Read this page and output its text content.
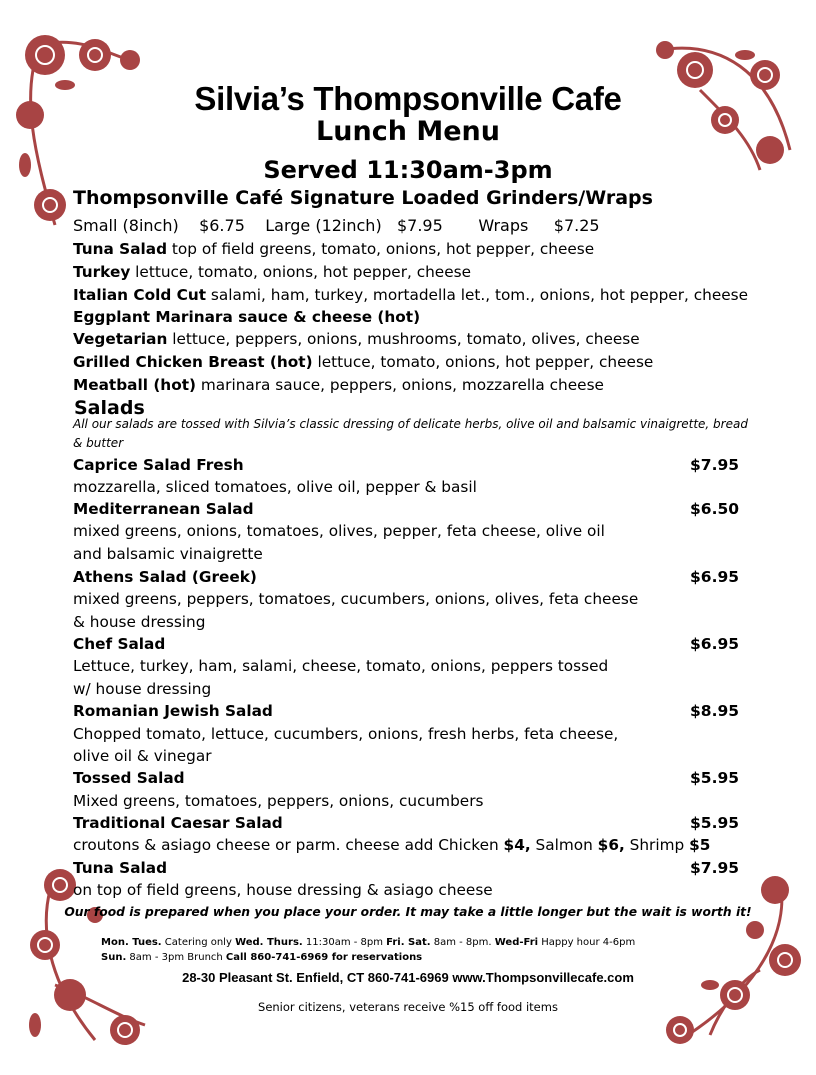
Silvia’s Thompsonville Cafe
Lunch Menu
Served 11:30am-3pm
Thompsonville Café Signature Loaded Grinders/Wraps
Small (8inch) $6.75 Large (12inch) $7.95 Wraps $7.25
Tuna Salad top of field greens, tomato, onions, hot pepper, cheese
Turkey lettuce, tomato, onions, hot pepper, cheese
Italian Cold Cut salami, ham, turkey, mortadella let., tom., onions, hot pepper, cheese
Eggplant Marinara sauce & cheese (hot)
Vegetarian lettuce, peppers, onions, mushrooms, tomato, olives, cheese
Grilled Chicken Breast (hot) lettuce, tomato, onions, hot pepper, cheese
Meatball (hot) marinara sauce, peppers, onions, mozzarella cheese
Salads
All our salads are tossed with Silvia’s classic dressing of delicate herbs, olive oil and balsamic vinaigrette, bread & butter
Caprice Salad Fresh	$7.95
mozzarella, sliced tomatoes, olive oil, pepper & basil
Mediterranean Salad	$6.50
mixed greens, onions, tomatoes, olives, pepper, feta cheese, olive oil
and balsamic vinaigrette
Athens Salad (Greek)	$6.95
mixed greens, peppers, tomatoes, cucumbers, onions, olives, feta cheese
& house dressing
Chef Salad	$6.95
Lettuce, turkey, ham, salami, cheese, tomato, onions, peppers tossed
w/ house dressing
Romanian Jewish Salad	$8.95
Chopped tomato, lettuce, cucumbers, onions, fresh herbs, feta cheese,
olive oil & vinegar
Tossed Salad	$5.95
Mixed greens, tomatoes, peppers, onions, cucumbers
Traditional Caesar Salad	$5.95
croutons & asiago cheese or parm. cheese add Chicken $4, Salmon $6, Shrimp $5
Tuna Salad	$7.95
on top of field greens, house dressing & asiago cheese
Our food is prepared when you place your order. It may take a little longer but the wait is worth it!
Mon. Tues. Catering only Wed. Thurs. 11:30am - 8pm Fri. Sat. 8am - 8pm. Wed-Fri Happy hour 4-6pm
Sun. 8am - 3pm Brunch Call 860-741-6969 for reservations
28-30 Pleasant St. Enfield, CT 860-741-6969 www.Thompsonvillecafe.com
Senior citizens, veterans receive %15 off food items
